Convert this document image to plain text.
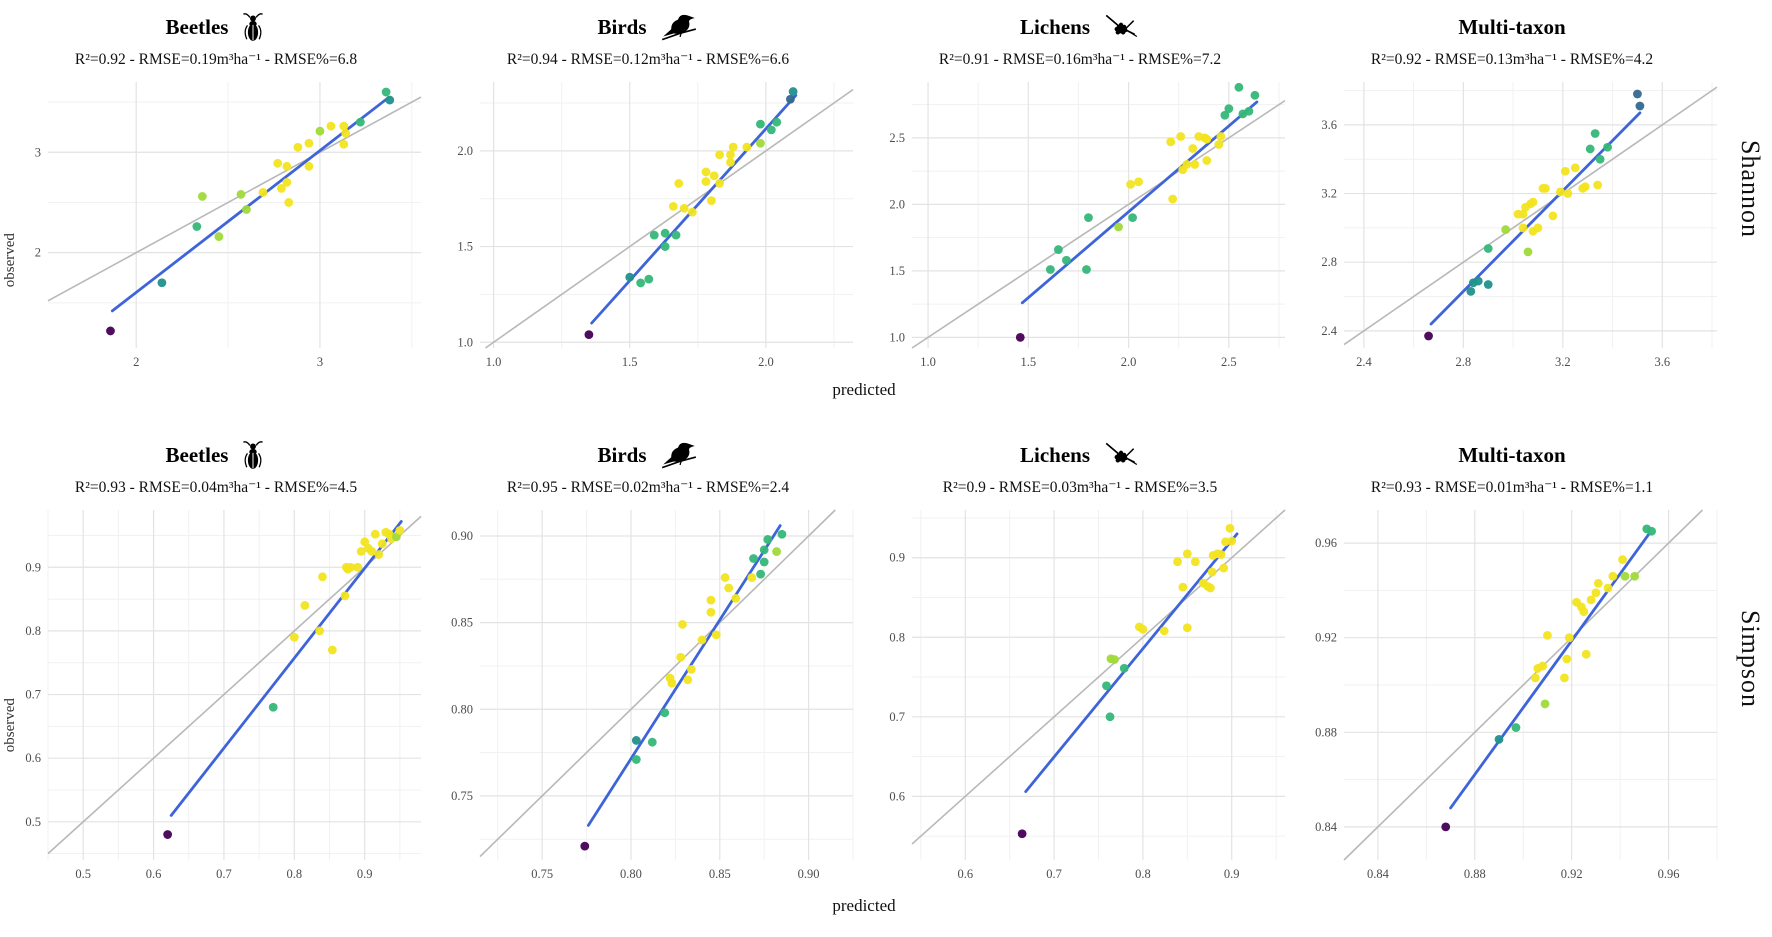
Beetles
R²=0.92 - RMSE=0.19m³ha⁻¹ - RMSE%=6.8
2	3
2
3
observed
Birds
R²=0.94 - RMSE=0.12m³ha⁻¹ - RMSE%=6.6
1.0	1.5	2.0
1.0
1.5
2.0
Lichens
R²=0.91 - RMSE=0.16m³ha⁻¹ - RMSE%=7.2
1.0	1.5	2.0	2.5
1.0
1.5
2.0
2.5
Multi-taxon
R²=0.92 - RMSE=0.13m³ha⁻¹ - RMSE%=4.2
2.4	2.8	3.2	3.6
2.4
2.8
3.2
3.6
Shannon
predicted
Beetles
R²=0.93 - RMSE=0.04m³ha⁻¹ - RMSE%=4.5
0.5	0.6	0.7	0.8	0.9
0.5
0.6
0.7
0.8
0.9
observed
Birds
R²=0.95 - RMSE=0.02m³ha⁻¹ - RMSE%=2.4
0.75	0.80	0.85	0.90
0.75
0.80
0.85
0.90
Lichens
R²=0.9 - RMSE=0.03m³ha⁻¹ - RMSE%=3.5
0.6	0.7	0.8	0.9
0.6
0.7
0.8
0.9
Multi-taxon
R²=0.93 - RMSE=0.01m³ha⁻¹ - RMSE%=1.1
0.84	0.88	0.92	0.96
0.84
0.88
0.92
0.96
Simpson
predicted
